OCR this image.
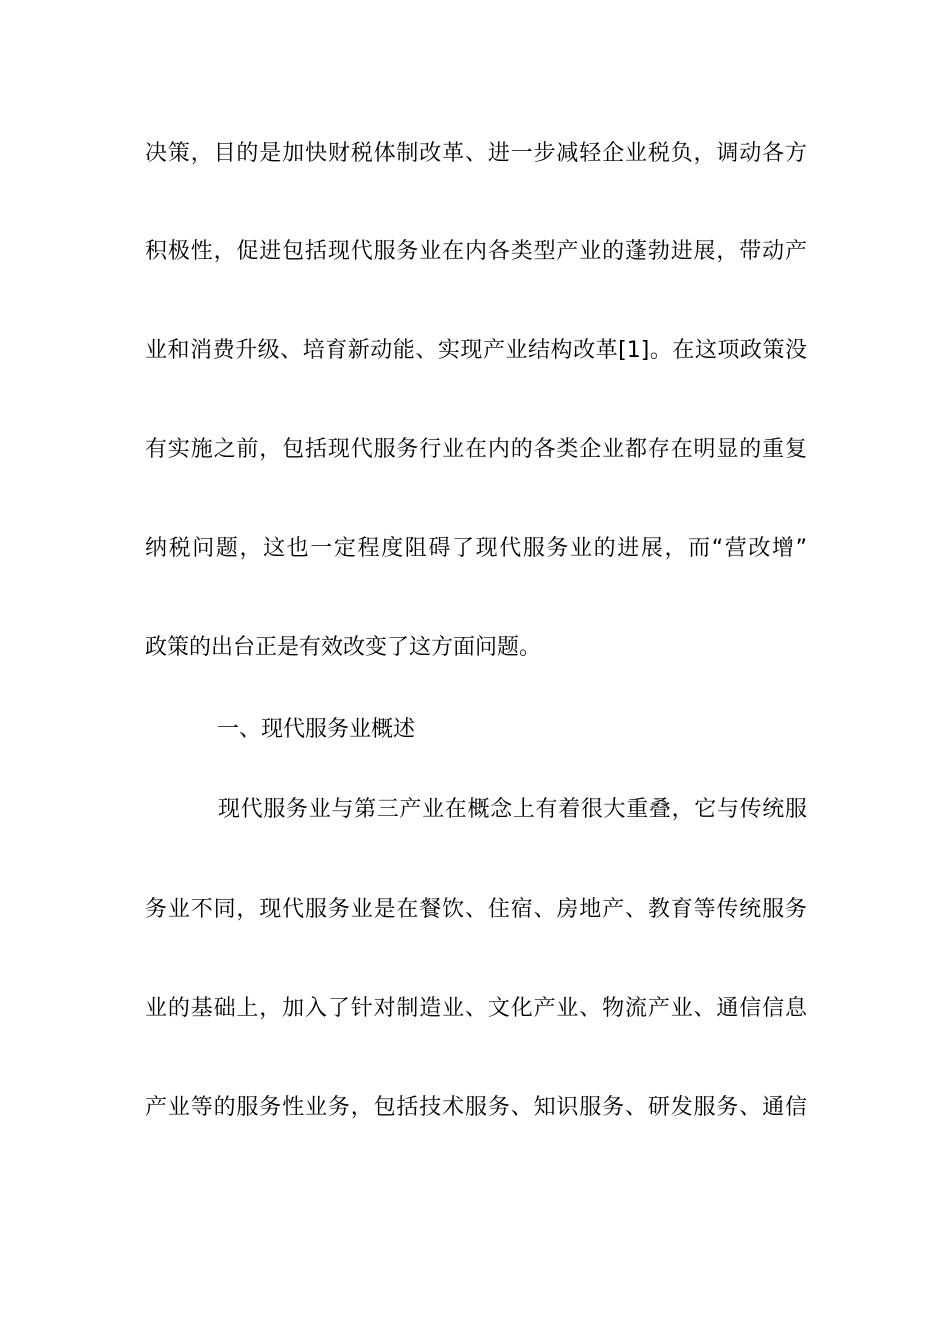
决策，目的是加快财税体制改革、进一步减轻企业税负，调动各方
积极性，促进包括现代服务业在内各类型产业的蓬勃进展，带动产
业和消费升级、培育新动能、实现产业结构改革[1]。在这项政策没
有实施之前，包括现代服务行业在内的各类企业都存在明显的重复
纳税问题，这也一定程度阻碍了现代服务业的进展，而“营改增”
政策的出台正是有效改变了这方面问题。
一、现代服务业概述
现代服务业与第三产业在概念上有着很大重叠，它与传统服
务业不同，现代服务业是在餐饮、住宿、房地产、教育等传统服务
业的基础上，加入了针对制造业、文化产业、物流产业、通信信息
产业等的服务性业务，包括技术服务、知识服务、研发服务、通信
